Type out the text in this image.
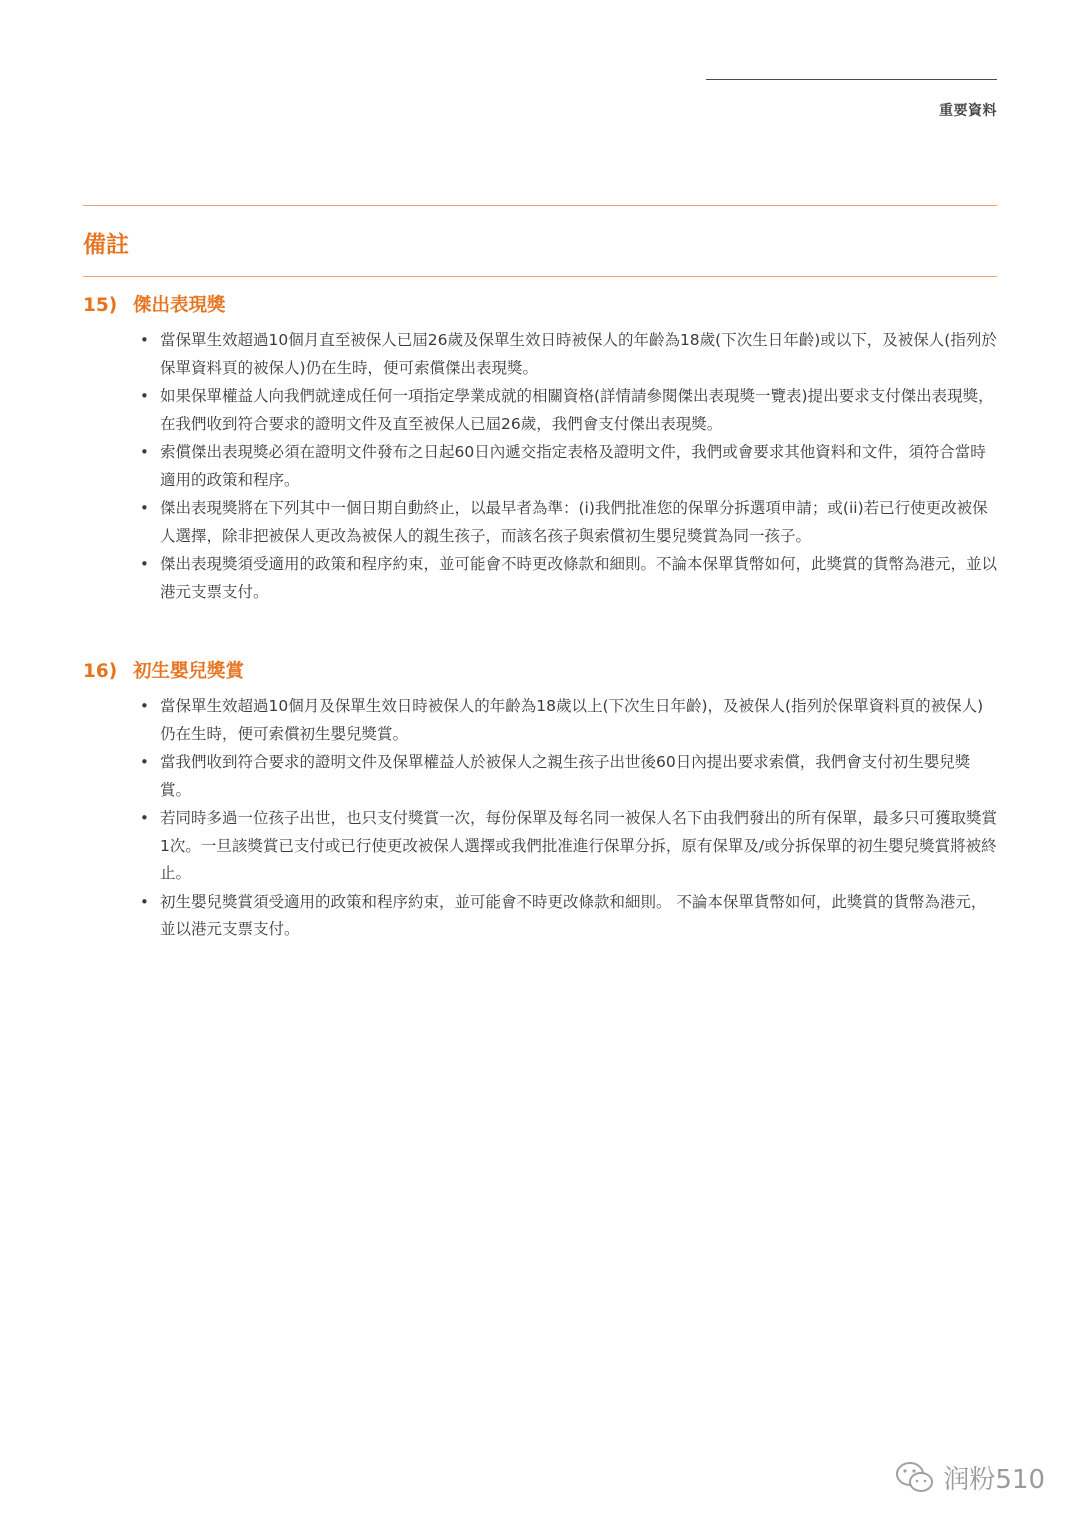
重要資料
備註
15) 傑出表現獎
• 當保單生效超過10個月直至被保人已屆26歲及保單生效日時被保人的年齡為18歲(下次生日年齡)或以下，及被保人(指列於保單資料頁的被保人)仍在生時，便可索償傑出表現獎。
• 如果保單權益人向我們就達成任何一項指定學業成就的相關資格(詳情請參閱傑出表現獎一覽表)提出要求支付傑出表現獎，在我們收到符合要求的證明文件及直至被保人已屆26歲，我們會支付傑出表現獎。
• 索償傑出表現獎必須在證明文件發布之日起60日內遞交指定表格及證明文件，我們或會要求其他資料和文件，須符合當時適用的政策和程序。
• 傑出表現獎將在下列其中一個日期自動終止，以最早者為準：(i)我們批准您的保單分拆選項申請；或(ii)若已行使更改被保人選擇，除非把被保人更改為被保人的親生孩子，而該名孩子與索償初生嬰兒獎賞為同一孩子。
• 傑出表現獎須受適用的政策和程序約束，並可能會不時更改條款和細則。不論本保單貨幣如何，此獎賞的貨幣為港元，並以港元支票支付。
16) 初生嬰兒獎賞
• 當保單生效超過10個月及保單生效日時被保人的年齡為18歲以上(下次生日年齡)，及被保人(指列於保單資料頁的被保人)仍在生時，便可索償初生嬰兒獎賞。
• 當我們收到符合要求的證明文件及保單權益人於被保人之親生孩子出世後60日內提出要求索償，我們會支付初生嬰兒獎賞。
• 若同時多過一位孩子出世，也只支付獎賞一次，每份保單及每名同一被保人名下由我們發出的所有保單，最多只可獲取獎賞1次。一旦該獎賞已支付或已行使更改被保人選擇或我們批准進行保單分拆，原有保單及/或分拆保單的初生嬰兒獎賞將被終止。
• 初生嬰兒獎賞須受適用的政策和程序約束，並可能會不時更改條款和細則。 不論本保單貨幣如何，此獎賞的貨幣為港元，並以港元支票支付。
润粉510
